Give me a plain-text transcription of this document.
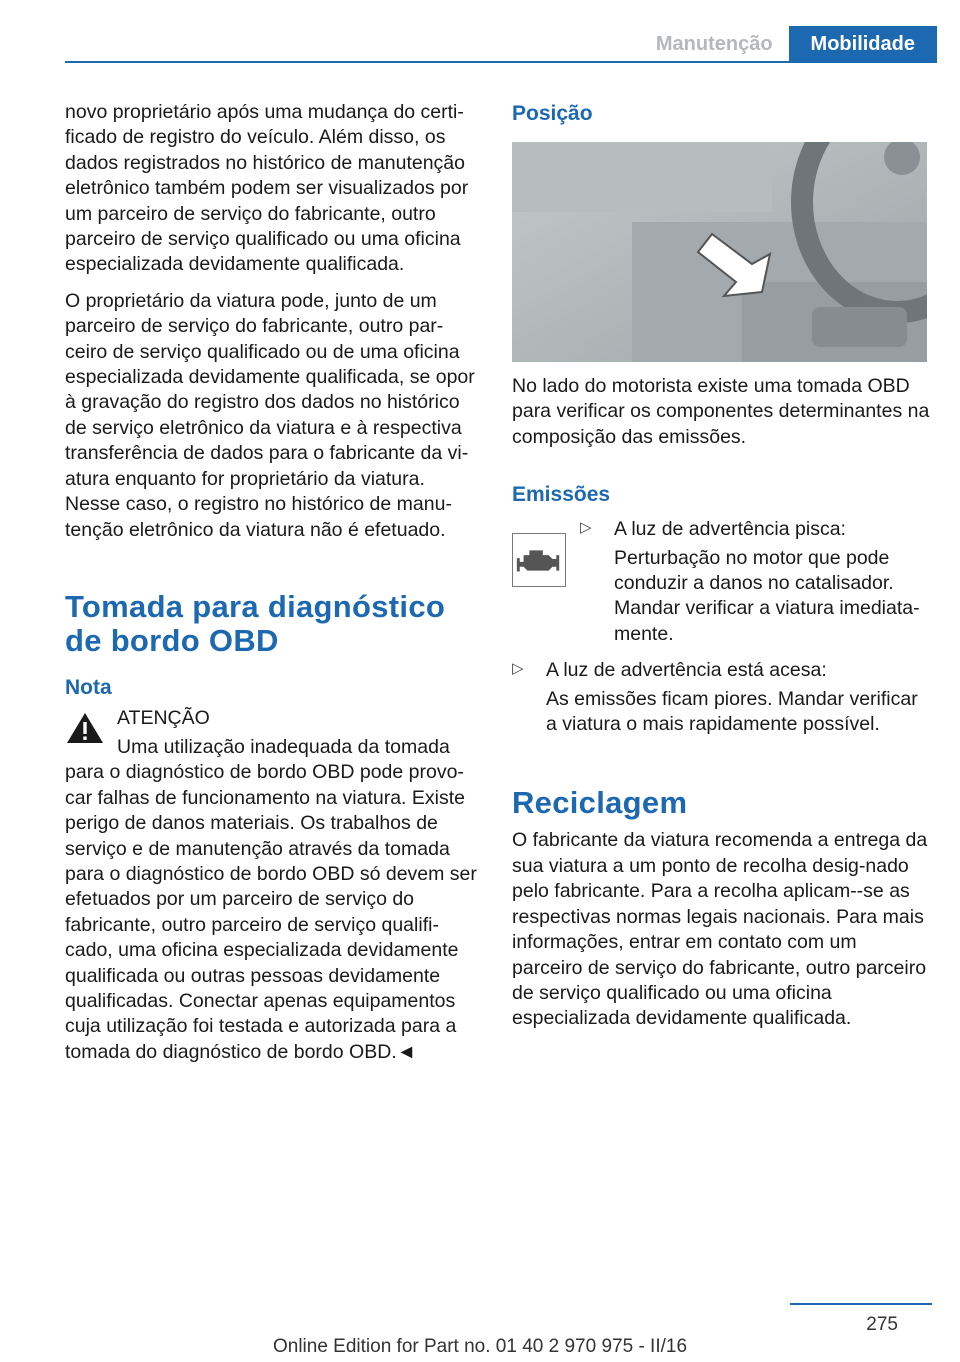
Manutenção	Mobilidade

novo proprietário após uma mudança do certi-ficado de registro do veículo. Além disso, os dados registrados no histórico de manutenção eletrônico também podem ser visualizados por um parceiro de serviço do fabricante, outro parceiro de serviço qualificado ou uma oficina especializada devidamente qualificada.

O proprietário da viatura pode, junto de um parceiro de serviço do fabricante, outro par-ceiro de serviço qualificado ou de uma oficina especializada devidamente qualificada, se opor à gravação do registro dos dados no histórico de serviço eletrônico da viatura e à respectiva transferência de dados para o fabricante da vi-atura enquanto for proprietário da viatura. Nesse caso, o registro no histórico de manu-tenção eletrônico da viatura não é efetuado.

Tomada para diagnóstico de bordo OBD
Nota
ATENÇÃO

Uma utilização inadequada da tomada para o diagnóstico de bordo OBD pode provo-car falhas de funcionamento na viatura. Existe perigo de danos materiais. Os trabalhos de serviço e de manutenção através da tomada para o diagnóstico de bordo OBD só devem ser efetuados por um parceiro de serviço do fabricante, outro parceiro de serviço qualifi-cado, uma oficina especializada devidamente qualificada ou outras pessoas devidamente qualificadas. Conectar apenas equipamentos cuja utilização foi testada e autorizada para a tomada do diagnóstico de bordo OBD.◄

Posição

No lado do motorista existe uma tomada OBD para verificar os componentes determinantes na composição das emissões.

Emissões
▷ A luz de advertência pisca:

Perturbação no motor que pode conduzir a danos no catalisador. Mandar verificar a viatura imediata-mente.

▷ A luz de advertência está acesa:

As emissões ficam piores. Mandar verificar a viatura o mais rapidamente possível.

Reciclagem

O fabricante da viatura recomenda a entrega da sua viatura a um ponto de recolha desig-nado pelo fabricante. Para a recolha aplicam--se as respectivas normas legais nacionais. Para mais informações, entrar em contato com um parceiro de serviço do fabricante, outro parceiro de serviço qualificado ou uma oficina especializada devidamente qualificada.

275
Online Edition for Part no. 01 40 2 970 975 - II/16
